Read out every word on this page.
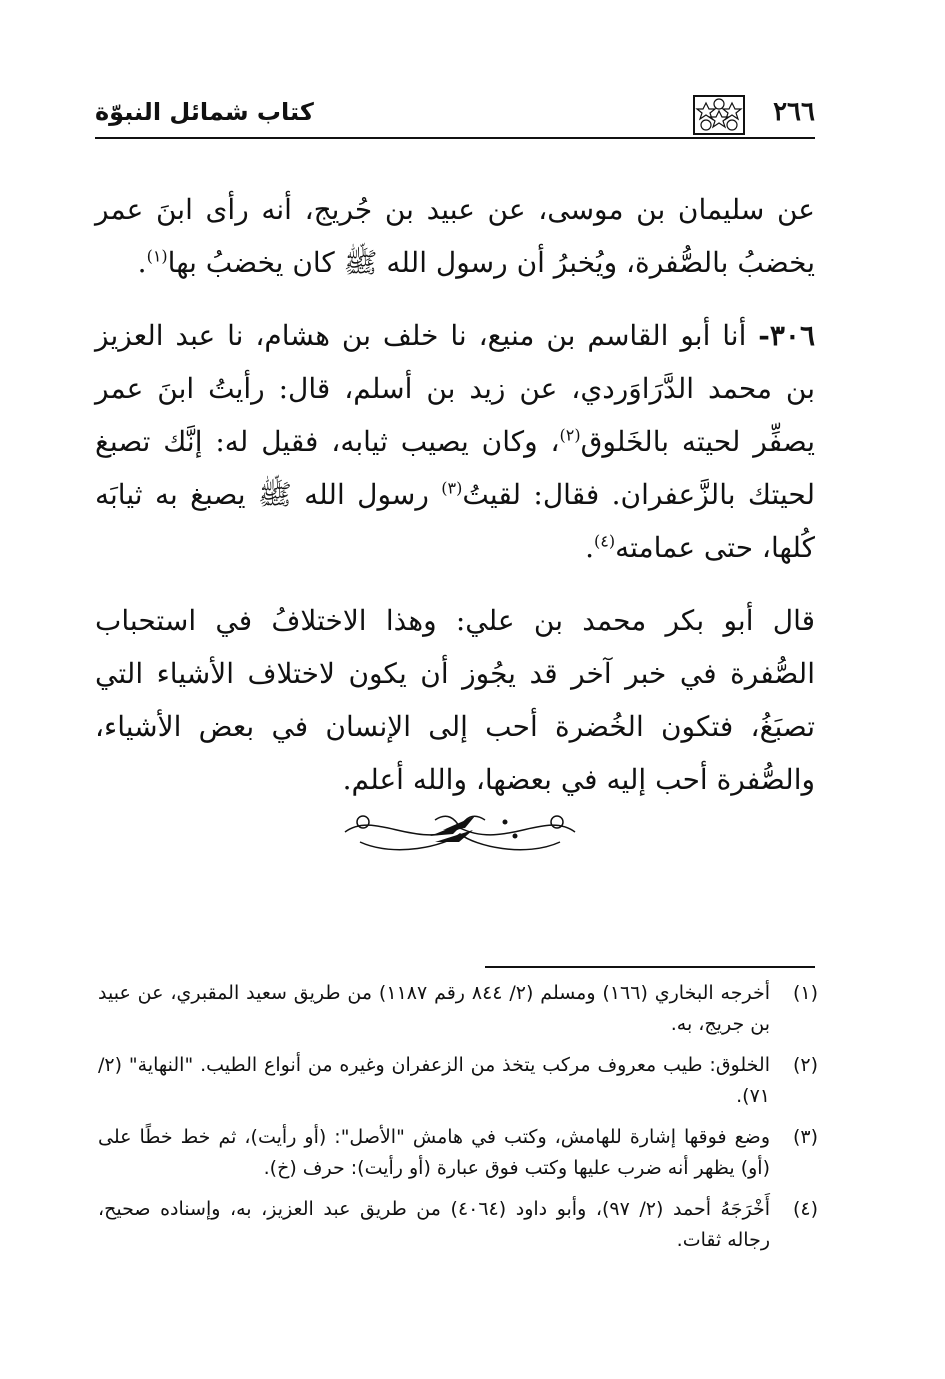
٢٦٦
كتاب شمائل النبوّة

عن سليمان بن موسى، عن عبيد بن جُريج، أنه رأى ابنَ عمر يخضبُ بالصُّفرة، ويُخبرُ أن رسول الله ﷺ كان يخضبُ بها$^{(١)}$.

٣٠٦- أنا أبو القاسم بن منيع، نا خلف بن هشام، نا عبد العزيز بن محمد الدَّرَاوَردي، عن زيد بن أسلم، قال: رأيتُ ابنَ عمر يصفِّر لحيته بالخَلوق$^{(٢)}$، وكان يصيب ثيابه، فقيل له: إنَّك تصبغ لحيتك بالزَّعفران. فقال: لقيتُ$^{(٣)}$ رسول الله ﷺ يصبغ به ثيابَه كُلها، حتى عمامته$^{(٤)}$.

قال أبو بكر محمد بن علي: وهذا الاختلافُ في استحباب الصُّفرة في خبر آخر قد يجُوز أن يكون لاختلاف الأشياء التي تصبَغُ، فتكون الخُضرة أحب إلى الإنسان في بعض الأشياء، والصُّفرة أحب إليه في بعضها، والله أعلم.

(١)
أخرجه البخاري (١٦٦) ومسلم (٢/ ٨٤٤ رقم ١١٨٧) من طريق سعيد المقبري، عن عبيد بن جريج، به.
(٢)
الخلوق: طيب معروف مركب يتخذ من الزعفران وغيره من أنواع الطيب. "النهاية" (٢/ ٧١).
(٣)
وضع فوقها إشارة للهامش، وكتب في هامش "الأصل": (أو رأيت)، ثم خط خطًا على (أو) يظهر أنه ضرب عليها وكتب فوق عبارة (أو رأيت): حرف (خ).
(٤)
أَخْرَجَهُ أحمد (٢/ ٩٧)، وأبو داود (٤٠٦٤) من طريق عبد العزيز، به، وإسناده صحيح، رجاله ثقات.
